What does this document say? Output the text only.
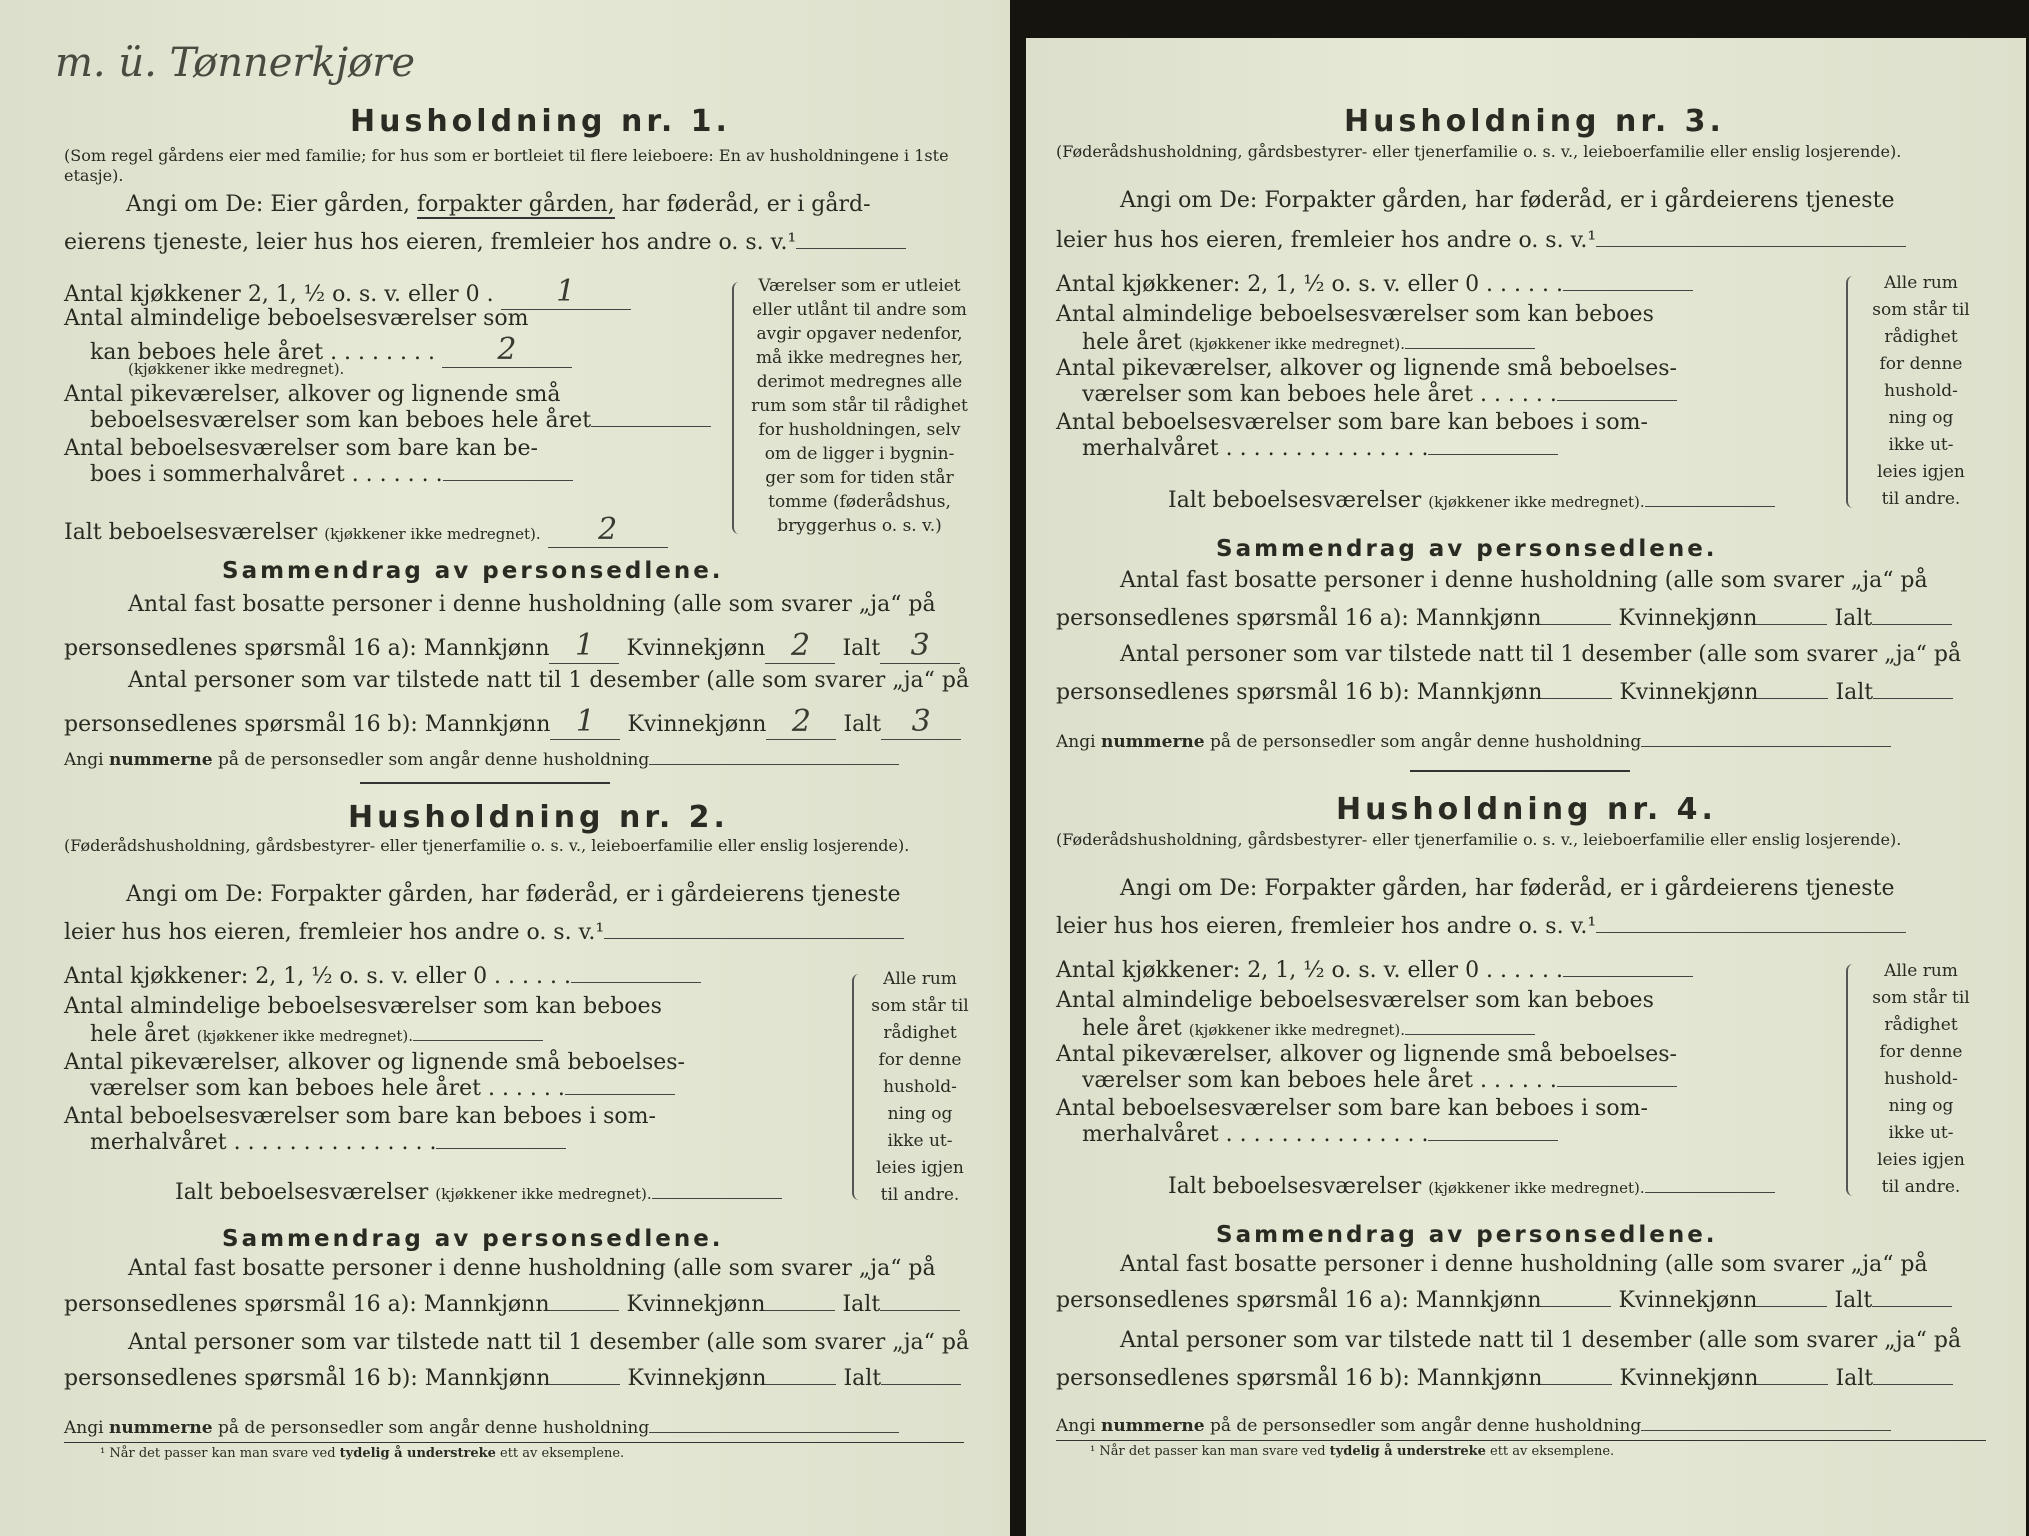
m. ü. Tønnerkjøre
Husholdning nr. 1.
(Som regel gårdens eier med familie; for hus som er bortleiet til flere leieboere: En av husholdningene i 1ste etasje).
Angi om De: Eier gården, forpakter gården, har føderåd, er i gård-
eierens tjeneste, leier hus hos eieren, fremleier hos andre o. s. v.¹
Antal kjøkkener 2, 1, ½ o. s. v. eller 0 . 1
Antal almindelige beboelsesværelser som
kan beboes hele året . . . . . . . . 2
(kjøkkener ikke medregnet).
Antal pikeværelser, alkover og lignende små
beboelsesværelser som kan beboes hele året
Antal beboelsesværelser som bare kan be-
boes i sommerhalvåret . . . . . . .
Ialt beboelsesværelser (kjøkkener ikke medregnet). 2
Værelser som er utleiet
eller utlånt til andre som
avgir opgaver nedenfor,
må ikke medregnes her,
derimot medregnes alle
rum som står til rådighet
for husholdningen, selv
om de ligger i bygnin-
ger som for tiden står
tomme (føderådshus,
bryggerhus o. s. v.)
Sammendrag av personsedlene.
Antal fast bosatte personer i denne husholdning (alle som svarer „ja“ på
personsedlenes spørsmål 16 a): Mannkjønn 1 Kvinnekjønn 2 Ialt 3
Antal personer som var tilstede natt til 1 desember (alle som svarer „ja“ på
personsedlenes spørsmål 16 b): Mannkjønn 1 Kvinnekjønn 2 Ialt 3
Angi nummerne på de personsedler som angår denne husholdning
Husholdning nr. 2.
(Føderådshusholdning, gårdsbestyrer- eller tjenerfamilie o. s. v., leieboerfamilie eller enslig losjerende).
Angi om De: Forpakter gården, har føderåd, er i gårdeierens tjeneste
leier hus hos eieren, fremleier hos andre o. s. v.¹
Antal kjøkkener: 2, 1, ½ o. s. v. eller 0 . . . . . .
Antal almindelige beboelsesværelser som kan beboes
hele året (kjøkkener ikke medregnet).
Antal pikeværelser, alkover og lignende små beboelses-
værelser som kan beboes hele året . . . . . .
Antal beboelsesværelser som bare kan beboes i som-
merhalvåret . . . . . . . . . . . . . . .
Ialt beboelsesværelser (kjøkkener ikke medregnet).
Alle rum
som står til
rådighet
for denne
hushold-
ning og
ikke ut-
leies igjen
til andre.
Sammendrag av personsedlene.
Antal fast bosatte personer i denne husholdning (alle som svarer „ja“ på
personsedlenes spørsmål 16 a): Mannkjønn	Kvinnekjønn	Ialt
Antal personer som var tilstede natt til 1 desember (alle som svarer „ja“ på
personsedlenes spørsmål 16 b): Mannkjønn	Kvinnekjønn	Ialt
Angi nummerne på de personsedler som angår denne husholdning
¹ Når det passer kan man svare ved tydelig å understreke ett av eksemplene.
Husholdning nr. 3.
(Føderådshusholdning, gårdsbestyrer- eller tjenerfamilie o. s. v., leieboerfamilie eller enslig losjerende).
Angi om De: Forpakter gården, har føderåd, er i gårdeierens tjeneste
leier hus hos eieren, fremleier hos andre o. s. v.¹
Antal kjøkkener: 2, 1, ½ o. s. v. eller 0 . . . . . .
Antal almindelige beboelsesværelser som kan beboes
hele året (kjøkkener ikke medregnet).
Antal pikeværelser, alkover og lignende små beboelses-
værelser som kan beboes hele året . . . . . .
Antal beboelsesværelser som bare kan beboes i som-
merhalvåret . . . . . . . . . . . . . . .
Ialt beboelsesværelser (kjøkkener ikke medregnet).
Alle rum
som står til
rådighet
for denne
hushold-
ning og
ikke ut-
leies igjen
til andre.
Sammendrag av personsedlene.
Antal fast bosatte personer i denne husholdning (alle som svarer „ja“ på
personsedlenes spørsmål 16 a): Mannkjønn	Kvinnekjønn	Ialt
Antal personer som var tilstede natt til 1 desember (alle som svarer „ja“ på
personsedlenes spørsmål 16 b): Mannkjønn	Kvinnekjønn	Ialt
Angi nummerne på de personsedler som angår denne husholdning
Husholdning nr. 4.
(Føderådshusholdning, gårdsbestyrer- eller tjenerfamilie o. s. v., leieboerfamilie eller enslig losjerende).
Angi om De: Forpakter gården, har føderåd, er i gårdeierens tjeneste
leier hus hos eieren, fremleier hos andre o. s. v.¹
Antal kjøkkener: 2, 1, ½ o. s. v. eller 0 . . . . . .
Antal almindelige beboelsesværelser som kan beboes
hele året (kjøkkener ikke medregnet).
Antal pikeværelser, alkover og lignende små beboelses-
værelser som kan beboes hele året . . . . . .
Antal beboelsesværelser som bare kan beboes i som-
merhalvåret . . . . . . . . . . . . . . .
Ialt beboelsesværelser (kjøkkener ikke medregnet).
Alle rum
som står til
rådighet
for denne
hushold-
ning og
ikke ut-
leies igjen
til andre.
Sammendrag av personsedlene.
Antal fast bosatte personer i denne husholdning (alle som svarer „ja“ på
personsedlenes spørsmål 16 a): Mannkjønn	Kvinnekjønn	Ialt
Antal personer som var tilstede natt til 1 desember (alle som svarer „ja“ på
personsedlenes spørsmål 16 b): Mannkjønn	Kvinnekjønn	Ialt
Angi nummerne på de personsedler som angår denne husholdning
¹ Når det passer kan man svare ved tydelig å understreke ett av eksemplene.
